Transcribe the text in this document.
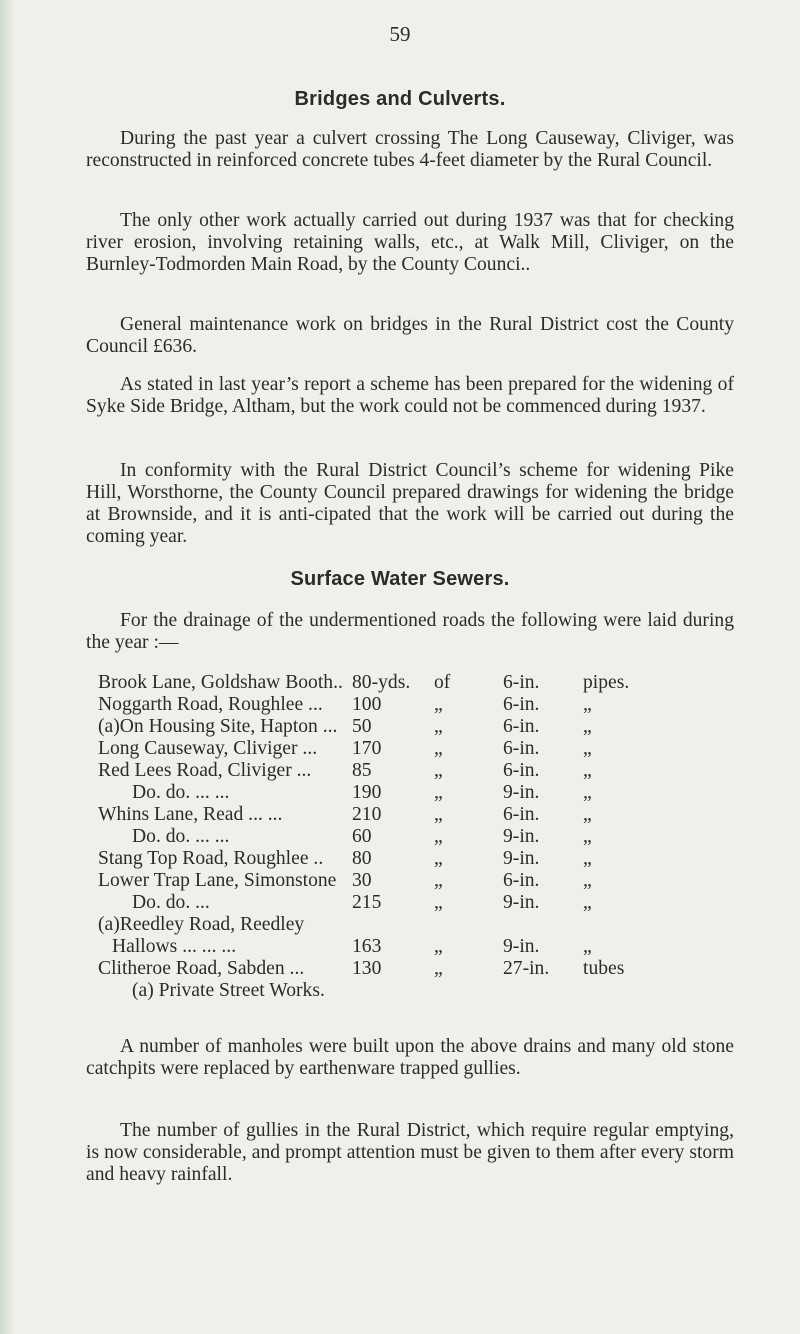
59
Bridges and Culverts.

During the past year a culvert crossing The Long Causeway, Cliviger, was reconstructed in reinforced concrete tubes 4-feet diameter by the Rural Council.

The only other work actually carried out during 1937 was that for checking river erosion, involving retaining walls, etc., at Walk Mill, Cliviger, on the Burnley-Todmorden Main Road, by the County Counci..

General maintenance work on bridges in the Rural District cost the County Council £636.

As stated in last year’s report a scheme has been prepared for the widening of Syke Side Bridge, Altham, but the work could not be commenced during 1937.

In conformity with the Rural District Council’s scheme for widening Pike Hill, Worsthorne, the County Council prepared drawings for widening the bridge at Brownside, and it is anti-cipated that the work will be carried out during the coming year.

Surface Water Sewers.

For the drainage of the undermentioned roads the following were laid during the year :—

Brook Lane, Goldshaw Booth.. 80-yds.	of	6-in.	pipes.
Noggarth Road, Roughlee ... 100	„	6-in.	„
(a)On Housing Site, Hapton ... 50	„	6-in.	„
Long Causeway, Cliviger ... 170	„	6-in.	„
Red Lees Road, Cliviger ... 85	„	6-in.	„
Do. do. ... ...	190	„	9-in.	„
Whins Lane, Read ... ...	210	„	6-in.	„
Do. do. ... ...	60	„	9-in.	„
Stang Top Road, Roughlee .. 80	„	9-in.	„
Lower Trap Lane, Simonstone 30	„	6-in.	„
Do. do. ...	215	„	9-in.	„
(a)Reedley Road, Reedley
Hallows ... ... ...	163	„	9-in.	„
Clitheroe Road, Sabden ... 130	„	27-in.	tubes
(a) Private Street Works.

A number of manholes were built upon the above drains and many old stone catchpits were replaced by earthenware trapped gullies.

The number of gullies in the Rural District, which require regular emptying, is now considerable, and prompt attention must be given to them after every storm and heavy rainfall.
